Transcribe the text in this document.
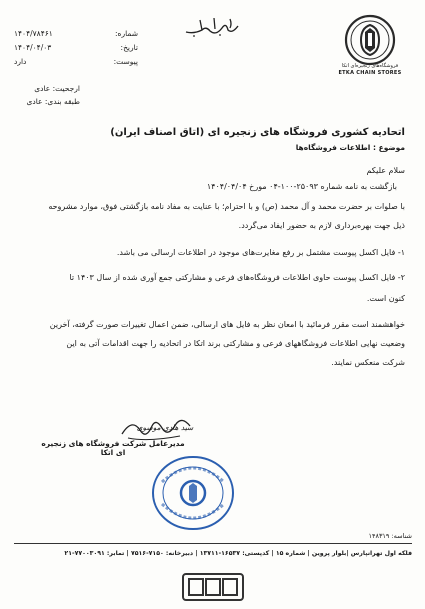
فروشگاه‌های زنجیره‌ای اتکا
ETKA CHAIN STORES
شماره:
۱۴۰۴/۷۸۴۶۱
تاریخ:
۱۴۰۴/۰۴/۰۳
پیوست:
دارد
ارجحیت: عادی
طبقه بندی: عادی
اتحادیه کشوری فروشگاه های زنجیره ای (اتاق اصناف ایران)
موضوع : اطلاعات فروشگاه‌ها
سلام علیکم
بازگشت به نامه شماره ۲۵۰۹۳-۱۰۰-۰۴ مورخ ۱۴۰۴/۰۴/۰۴
با صلوات بر حضرت محمد و آل محمد (ص) و با احترام؛ با عنایت به مفاد نامه بازگشتی فوق، موارد مشروحه
ذیل جهت بهره‌برداری لازم به حضور ایفاد می‌گردد.
۱- فایل اکسل پیوست مشتمل بر رفع مغایرت‌های موجود در اطلاعات ارسالی می باشد.
۲- فایل اکسل پیوست حاوی اطلاعات فروشگاه‌های فرعی و مشارکتی جمع آوری شده از سال ۱۴۰۳ تا
کنون است.
خواهشمند است مقرر فرمائید با امعان نظر به فایل های ارسالی، ضمن اعمال تغییرات صورت گرفته، آخرین
وضعیت نهایی اطلاعات فروشگاههای فرعی و مشارکتی برند اتکا در اتحادیه را جهت اقدامات آتی به این
شرکت منعکس نمایند.
سید هادی موسوی
مدیرعامل شرکت فروشگاه های زنجیره ای اتکا
شناسه: ۱۴۸۳۱۹
فلکه اول تهرانپارس |بلوار پروین | شماره ۱۵ | کدپستی: ۱۶۵۳۷-۱۳۷۱۱ | دبیرخانه: ۷۱۵۰-۷۵۱۶ | تمابر: ۷۷۰۰۳۰۹۱-۲۱
